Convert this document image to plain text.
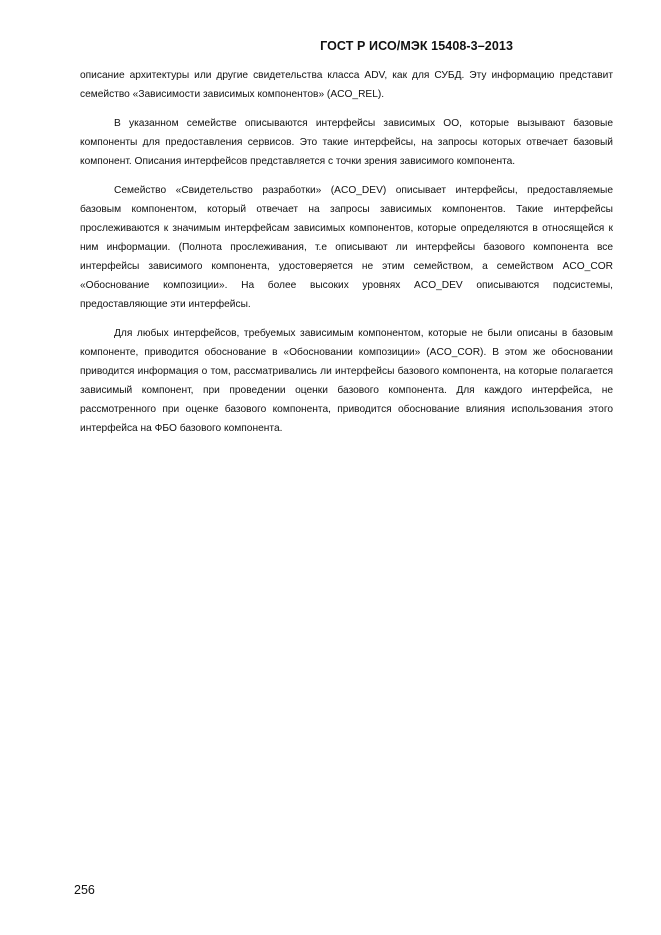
ГОСТ Р ИСО/МЭК 15408-3–2013

описание архитектуры или другие свидетельства класса ADV, как для СУБД. Эту информацию представит семейство «Зависимости зависимых компонентов» (ACO_REL).

В указанном семействе описываются интерфейсы зависимых ОО, которые вызывают базовые компоненты для предоставления сервисов. Это такие интерфейсы, на запросы которых отвечает базовый компонент. Описания интерфейсов представляется с точки зрения зависимого компонента.

Семейство «Свидетельство разработки» (ACO_DEV) описывает интерфейсы, предоставляемые базовым компонентом, который отвечает на запросы зависимых компонентов. Такие интерфейсы прослеживаются к значимым интерфейсам зависимых компонентов, которые определяются в относящейся к ним информации. (Полнота прослеживания, т.е описывают ли интерфейсы базового компонента все интерфейсы зависимого компонента, удостоверяется не этим семейством, а семейством ACO_COR «Обоснование композиции». На более высоких уровнях ACO_DEV описываются подсистемы, предоставляющие эти интерфейсы.

Для любых интерфейсов, требуемых зависимым компонентом, которые не были описаны в базовым компоненте, приводится обоснование в «Обосновании композиции» (ACO_COR). В этом же обосновании приводится информация о том, рассматривались ли интерфейсы базового компонента, на которые полагается зависимый компонент, при проведении оценки базового компонента. Для каждого интерфейса, не рассмотренного при оценке базового компонента, приводится обоснование влияния использования этого интерфейса на ФБО базового компонента.

256
